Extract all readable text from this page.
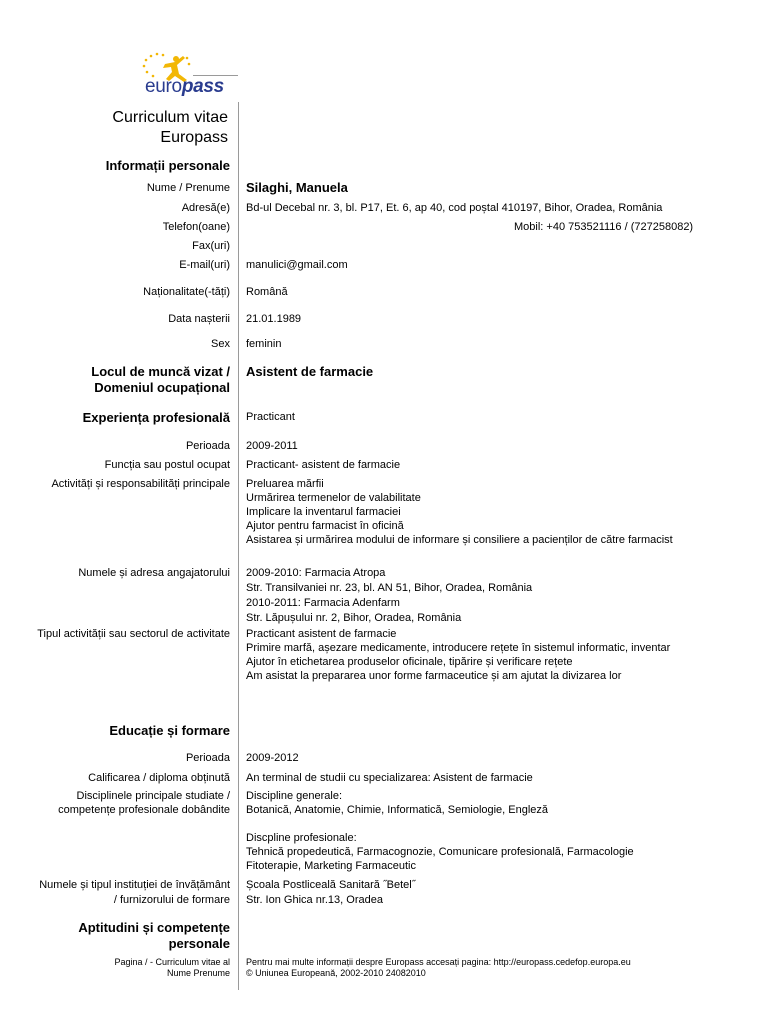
europass
Curriculum vitae
Europass
Informații personale
Nume / Prenume Silaghi, Manuela
Adresă(e) Bd-ul Decebal nr. 3, bl. P17, Et. 6, ap 40, cod poștal 410197, Bihor, Oradea, România
Telefon(oane)	Mobil: +40 753521116 / (727258082)
Fax(uri)
E-mail(uri) manulici@gmail.com
Naționalitate(-tăți) Română
Data nașterii 21.01.1989
Sex feminin
Locul de muncă vizat /
Domeniul ocupațional
Asistent de farmacie
Experiența profesională Practicant
Perioada 2009-2011
Funcția sau postul ocupat Practicant- asistent de farmacie
Activități și responsabilități principale Preluarea mărfii
Urmărirea termenelor de valabilitate
Implicare la inventarul farmaciei
Ajutor pentru farmacist în oficină
Asistarea și urmărirea modului de informare și consiliere a pacienților de către farmacist
Numele și adresa angajatorului 2009-2010: Farmacia Atropa
Str. Transilvaniei nr. 23, bl. AN 51, Bihor, Oradea, România
2010-2011: Farmacia Adenfarm
Str. Lăpușului nr. 2, Bihor, Oradea, România
Tipul activității sau sectorul de activitate Practicant asistent de farmacie
Primire marfă, așezare medicamente, introducere rețete în sistemul informatic, inventar
Ajutor în etichetarea produselor oficinale, tipărire și verificare rețete
Am asistat la prepararea unor forme farmaceutice și am ajutat la divizarea lor
Educație și formare
Perioada 2009-2012
Calificarea / diploma obținută An terminal de studii cu specializarea: Asistent de farmacie
Disciplinele principale studiate /
competențe profesionale dobândite
Discipline generale:
Botanică, Anatomie, Chimie, Informatică, Semiologie, Engleză
Discpline profesionale:
Tehnică propedeutică, Farmacognozie, Comunicare profesională, Farmacologie
Fitoterapie, Marketing Farmaceutic
Numele și tipul instituției de învățământ
/ furnizorului de formare
Școala Postliceală Sanitară ˝Betel˝
Str. Ion Ghica nr.13, Oradea
Aptitudini și competențe
personale
Pagina / - Curriculum vitae al
Nume Prenume
Pentru mai multe informații despre Europass accesați pagina: http://europass.cedefop.europa.eu
© Uniunea Europeană, 2002-2010 24082010
